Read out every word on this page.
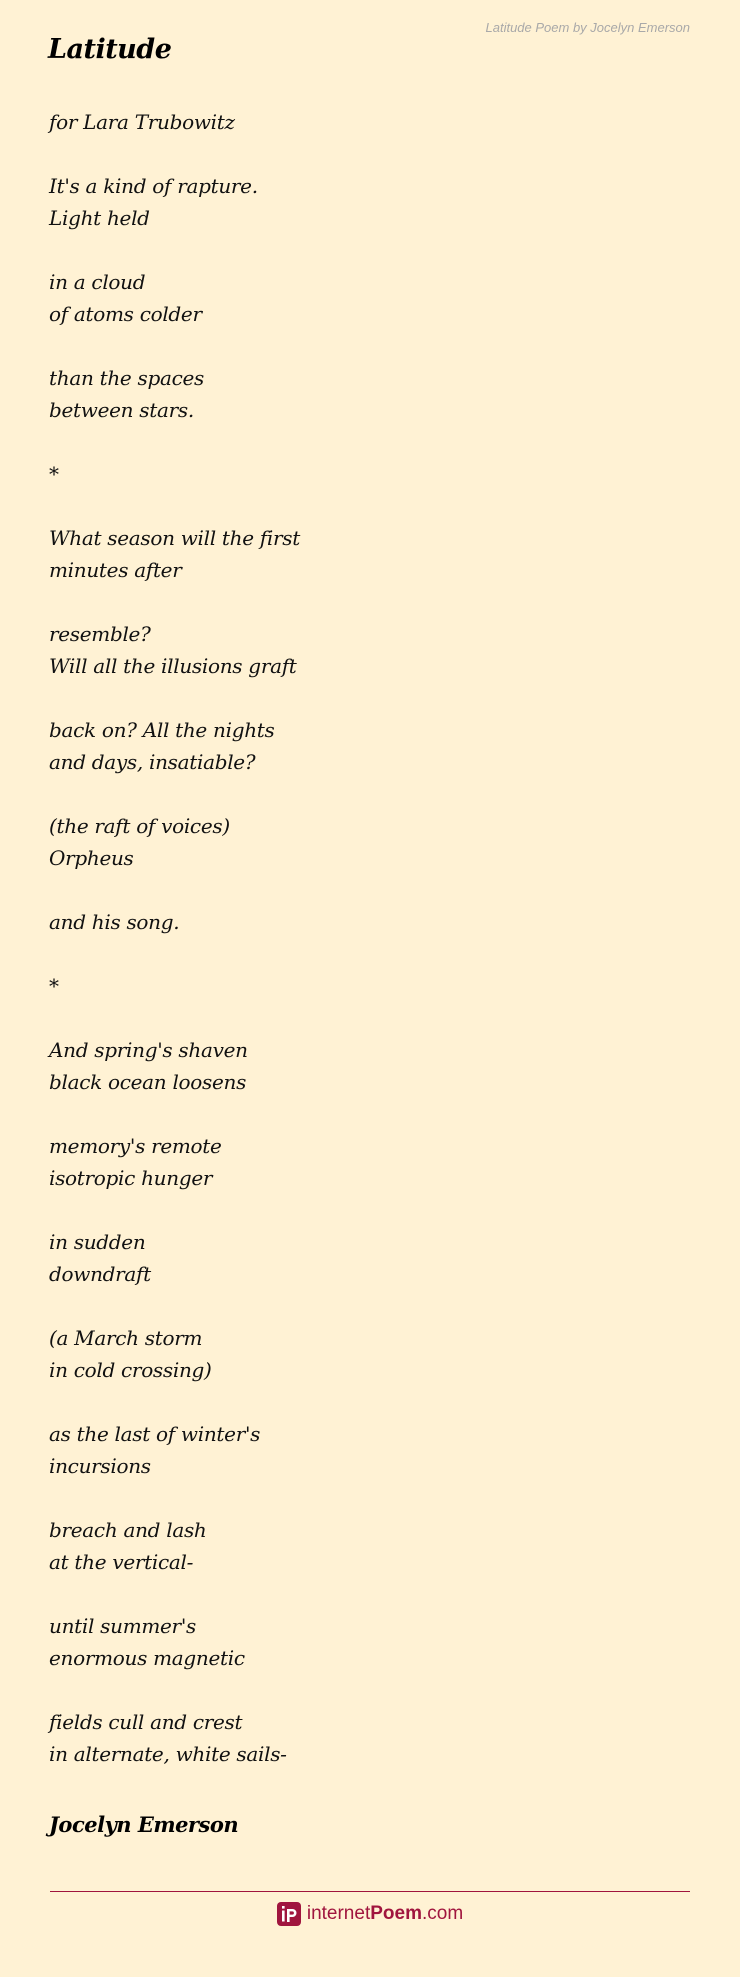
Latitude Poem by Jocelyn Emerson
Latitude
for Lara Trubowitz
It's a kind of rapture.
Light held
in a cloud
of atoms colder
than the spaces
between stars.
*
What season will the first
minutes after
resemble?
Will all the illusions graft
back on? All the nights
and days, insatiable?
(the raft of voices)
Orpheus
and his song.
*
And spring's shaven
black ocean loosens
memory's remote
isotropic hunger
in sudden
downdraft
(a March storm
in cold crossing)
as the last of winter's
incursions
breach and lash
at the vertical-
until summer's
enormous magnetic
fields cull and crest
in alternate, white sails-
Jocelyn Emerson
internet Poem .com
